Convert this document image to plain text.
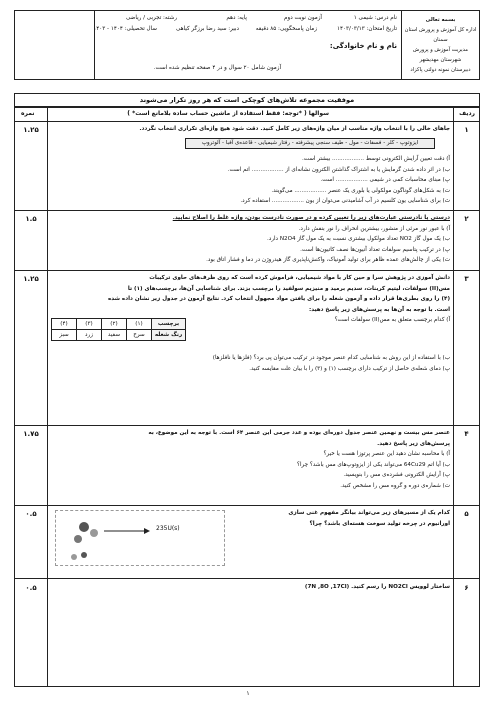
بسمه تعالی
اداره کل آموزش و پرورش استان سمنان
مدیریت آموزش و پرورش شهرستان مهدیشهر
دبیرستان نمونه دولتی پاکزاد
نام درس: شیمی ۱
آزمون نوبت دوم
پایه: دهم
رشته: تجربی / ریاضی
تاریخ امتحان: ۱۴۰۳/۰۳/۱۳
زمان پاسخگویی: ۸۵ دقیقه
دبیر: سید رضا برزگر کیاهی
سال تحصیلی: ۱۴۰۴ - ۱۴۰۳
نام و نام خانوادگی:
آزمون شامل ۲۰ سوال و در ۴ صفحه تنظیم شده است.
موفقیت مجموعه تلاش‌های کوچکی است که هر روز تکرار می‌شوند
ردیف
سوالها ( *توجه: فقط استفاده از ماشین حساب ساده بلامانع است* )
نمره
۱
۱.۲۵	جاهای خالی را با انتخاب واژه مناسب از میان واژه‌های زیر کامل کنید. دقت شود هیچ واژه‌ای تکراری انتخاب نگردد.
ایزوتوپ - کلر - فسفات - مول - طیف سنجی پیشرفته - رفتار شیمیایی - قاعده‌ی آفبا - آلوتروپ
آ) دقت تعیین آرایش الکترونی توسط .................. بیشتر است.
ب) در اثر داده شدن گرمایش یا به اشتراک گذاشتن الکترون نشانه‌ای از .................. اتم است.
پ) مبنای محاسبات کمی در شیمی .................. است.
ت) به شکل‌های گوناگون مولکولی یا بلوری یک عنصر .................. می‌گویند.
ث) برای شناسایی یون کلسیم در آب آشامیدنی می‌توان از یون .................. استفاده کرد.
۲
۱.۵	درستی یا نادرستی عبارت‌های زیر را تعیین کرده و در صورت نادرست بودن، واژه غلط را اصلاح نمایید.
آ) با عبور نور مرئی از منشور، بیشترین انحراف را نور بنفش دارد.
ب) یک مول گاز NO2 تعداد مولکول بیشتری نسبت به یک مول گاز N2O4 دارد.
پ) در ترکیب پتاسیم سولفات تعداد آنیون‌ها نصف کاتیون‌ها است.
ت) یکی از چالش‌های عمده ظاهر برای تولید آمونیاک، واکنش‌ناپذیری گاز هیدروژن در دما و فشار اتاق بود.
۳
۱.۲۵	دانش آموزی در پژوهش سرا و حین کار با مواد شیمیایی، فراموش کرده است که روی ظرف‌های حاوی ترکیبات
مس(II) سولفات، لیتیم کربنات، سدیم برمید و منیزیم سولفید را برچسب بزند. برای شناسایی آن‌ها، برچسب‌های (۱) تا
(۴) را روی بطری‌ها قرار داده و آزمون شعله را برای یافتن مواد مجهول انتخاب کرد. نتایج آزمون در جدول زیر نشان داده شده
است. با توجه به آن‌ها به پرسش‌های زیر پاسخ دهید:
آ) کدام برچسب متعلق به مس(II) سولفات است؟
برچسب	(۱)	(۲)	(۳)	(۴)
رنگ شعله	سرخ	سفید	زرد	سبز
ب) با استفاده از این روش به شناسایی کدام عنصر موجود در ترکیب می‌توان پی برد؟ (فلزها یا نافلزها)
پ) دمای شعله‌ی حاصل از ترکیب دارای برچسب (۱) و (۳) را با بیان علت مقایسه کنید.
۴
۱.۷۵	عنصر مس بیست و نهمین عنصر جدول دوره‌ای بوده و عدد جرمی این عنصر ۶۴ است. با توجه به این موضوع، به
پرسش‌های زیر پاسخ دهید.
آ) با محاسبه نشان دهید این عنصر پرتوزا هست یا خیر؟
ب) آیا اتم 64Cu29 می‌تواند یکی از ایزوتوپ‌های مس باشد؟ چرا؟
پ) آرایش الکترونی فشرده‌ی مس را بنویسید.
ت) شماره‌ی دوره و گروه مس را مشخص کنید.
۵
۰.۵	کدام یک از مسیرهای زیر می‌تواند بیانگر مفهوم غنی سازی
اورانیوم در چرخه تولید سوخت هسته‌ای باشد؟ چرا؟
235U(s)
۶
۰.۵	ساختار لوویس NO2Cl را رسم کنید. (7N ,8O ,17Cl)
۱
